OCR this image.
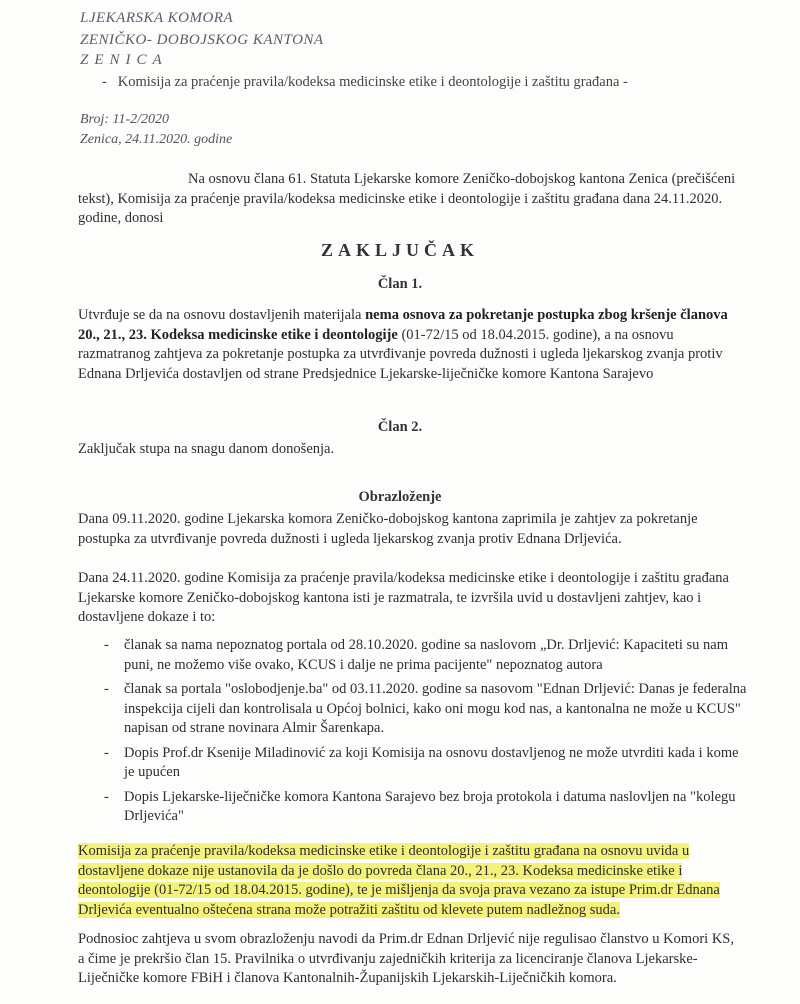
LJEKARSKA KOMORA
ZENIČKO- DOBOJSKOG KANTONA
ZENICA
-   Komisija za praćenje pravila/kodeksa medicinske etike i deontologije i zaštitu građana -
Broj: 11-2/2020
Zenica, 24.11.2020. godine
Na osnovu člana 61. Statuta Ljekarske komore Zeničko-dobojskog kantona Zenica (prečišćeni tekst), Komisija za praćenje pravila/kodeksa medicinske etike i deontologije i zaštitu građana dana 24.11.2020. godine, donosi
ZAKLJUČAK
Član 1.
Utvrđuje se da na osnovu dostavljenih materijala nema osnova za pokretanje postupka zbog kršenje članova 20., 21., 23. Kodeksa medicinske etike i deontologije (01-72/15 od 18.04.2015. godine), a na osnovu razmatranog zahtjeva za pokretanje postupka za utvrđivanje povreda dužnosti i ugleda ljekarskog zvanja protiv Ednana Drljevića dostavljen od strane Predsjednice Ljekarske-liječničke komore Kantona Sarajevo
Član 2.
Zaključak stupa na snagu danom donošenja.
Obrazloženje
Dana 09.11.2020. godine Ljekarska komora Zeničko-dobojskog kantona zaprimila je zahtjev za pokretanje postupka za utvrđivanje povreda dužnosti i ugleda ljekarskog zvanja protiv Ednana Drljevića.
Dana 24.11.2020. godine Komisija za praćenje pravila/kodeksa medicinske etike i deontologije i zaštitu građana Ljekarske komore Zeničko-dobojskog kantona isti je razmatrala, te izvršila uvid u dostavljeni zahtjev, kao i dostavljene dokaze i to:
- članak sa nama nepoznatog portala od 28.10.2020. godine sa naslovom „Dr. Drljević: Kapaciteti su nam puni, ne možemo više ovako, KCUS i dalje ne prima pacijente" nepoznatog autora
- članak sa portala "oslobodjenje.ba" od 03.11.2020. godine sa nasovom "Ednan Drljević: Danas je federalna inspekcija cijeli dan kontrolisala u Općoj bolnici, kako oni mogu kod nas, a kantonalna ne može u KCUS" napisan od strane novinara Almir Šarenkapa.
- Dopis Prof.dr Ksenije Miladinović za koji Komisija na osnovu dostavljenog ne može utvrditi kada i kome je upućen
- Dopis Ljekarske-liječničke komora Kantona Sarajevo bez broja protokola i datuma naslovljen na "kolegu Drljevića"
Komisija za praćenje pravila/kodeksa medicinske etike i deontologije i zaštitu građana na osnovu uvida u dostavljene dokaze nije ustanovila da je došlo do povreda člana 20., 21., 23. Kodeksa medicinske etike i deontologije (01-72/15 od 18.04.2015. godine), te je mišljenja da svoja prava vezano za istupe Prim.dr Ednana Drljevića eventualno oštećena strana može potražiti zaštitu od klevete putem nadležnog suda.
Podnosioc zahtjeva u svom obrazloženju navodi da Prim.dr Ednan Drljević nije regulisao članstvo u Komori KS, a čime je prekršio član 15. Pravilnika o utvrđivanju zajedničkih kriterija za licenciranje članova Ljekarske-Liječničke komore FBiH i članova Kantonalnih-Županijskih Ljekarskih-Liječničkih komora.
